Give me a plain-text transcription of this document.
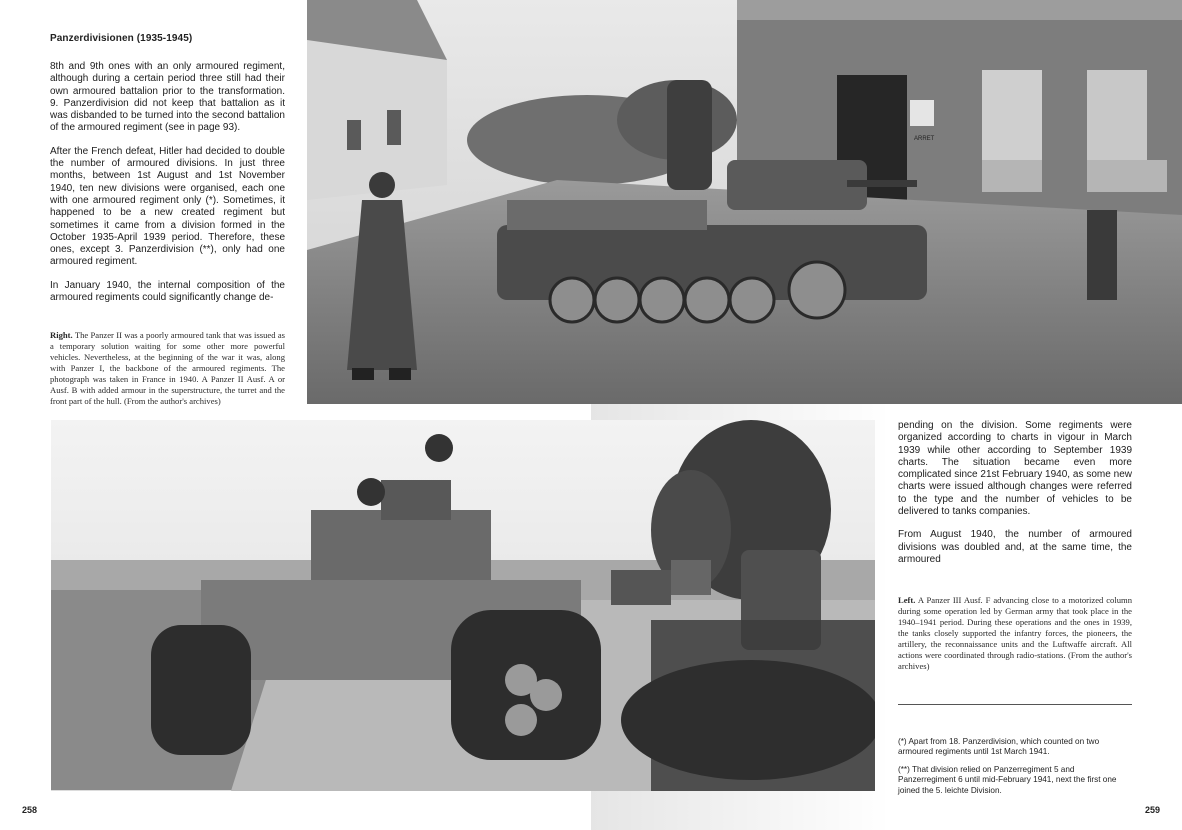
Panzerdivisionen (1935-1945)

8th and 9th ones with an only armoured regiment, although during a certain period three still had their own armoured battalion prior to the transformation. 9. Panzerdivision did not keep that battalion as it was disbanded to be turned into the second battalion of the armoured regiment (see in page 93).

After the French defeat, Hitler had decided to double the number of armoured divisions. In just three months, between 1st August and 1st November 1940, ten new divisions were organised, each one with one armoured regiment only (*). Sometimes, it happened to be a new created regiment but sometimes it came from a division formed in the October 1935-April 1939 period. Therefore, these ones, except 3. Panzerdivision (**), only had one armoured regiment.

In January 1940, the internal composition of the armoured regiments could significantly change de-

Right. The Panzer II was a poorly armoured tank that was issued as a temporary solution waiting for some other more powerful vehicles. Nevertheless, at the beginning of the war it was, along with Panzer I, the backbone of the armoured regiments. The photograph was taken in France in 1940. A Panzer II Ausf. A or Ausf. B with added armour in the superstructure, the turret and the front part of the hull. (From the author's archives)
ARRET

pending on the division. Some regiments were organized according to charts in vigour in March 1939 while other according to September 1939 charts. The situation became even more complicated since 21st February 1940, as some new charts were issued although changes were referred to the type and the number of vehicles to be delivered to tanks companies.

From August 1940, the number of armoured divisions was doubled and, at the same time, the armoured

Left. A Panzer III Ausf. F advancing close to a motorized column during some operation led by German army that took place in the 1940–1941 period. During these operations and the ones in 1939, the tanks closely supported the infantry forces, the pioneers, the artillery, the reconnaissance units and the Luftwaffe aircraft. All actions were coordinated through radio-stations. (From the author's archives)

(*) Apart from 18. Panzerdivision, which counted on two armoured regiments until 1st March 1941.

(**) That division relied on Panzerregiment 5 and Panzerregiment 6 until mid-February 1941, next the first one joined the 5. leichte Division.

258	259
